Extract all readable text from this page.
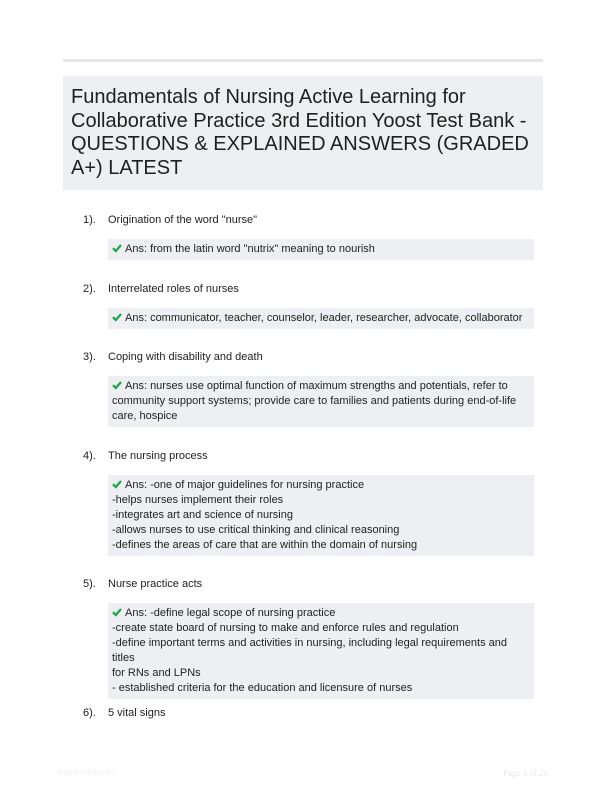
Fundamentals of Nursing Active Learning for Collaborative Practice 3rd Edition Yoost Test Bank - QUESTIONS & EXPLAINED ANSWERS (GRADED A+) LATEST
1). Origination of the word "nurse"
Ans: from the latin word "nutrix" meaning to nourish
2). Interrelated roles of nurses
Ans: communicator, teacher, counselor, leader, researcher, advocate, collaborator
3). Coping with disability and death
Ans: nurses use optimal function of maximum strengths and potentials, refer to
community support systems; provide care to families and patients during end-of-life
care, hospice
4). The nursing process
Ans: -one of major guidelines for nursing practice
-helps nurses implement their roles
-integrates art and science of nursing
-allows nurses to use critical thinking and clinical reasoning
-defines the areas of care that are within the domain of nursing
5). Nurse practice acts
Ans: -define legal scope of nursing practice
-create state board of nursing to make and enforce rules and regulation
-define important terms and activities in nursing, including legal requirements and titles
for RNs and LPNs
- established criteria for the education and licensure of nurses
6). 5 vital signs
PaperNerd.com	Page 1 of 26
